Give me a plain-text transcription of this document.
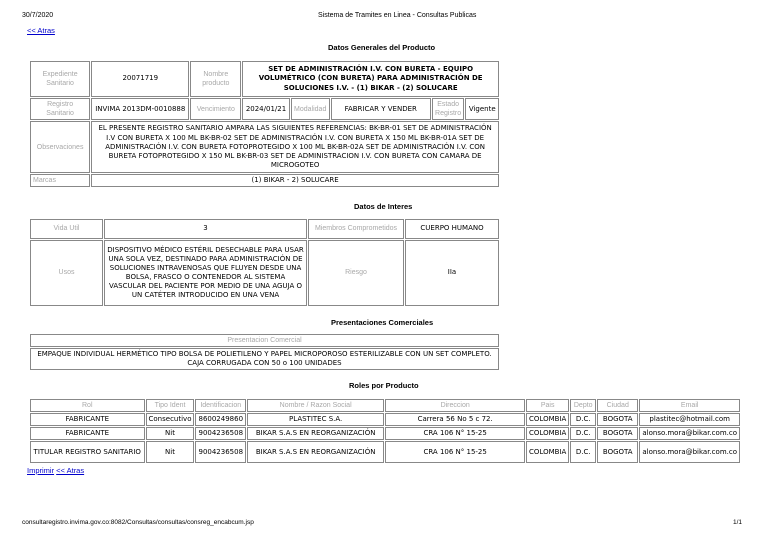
30/7/2020	Sistema de Tramites en Linea - Consultas Publicas
<< Atras
Datos Generales del Producto
Expediente Sanitario	20071719	Nombre producto	SET DE ADMINISTRACIÓN I.V. CON BURETA - EQUIPO VOLUMÉTRICO (CON BURETA) PARA ADMINISTRACIÓN DE SOLUCIONES I.V. - (1) BIKAR - (2) SOLUCARE				
Registro Sanitario	INVIMA 2013DM-0010888	Vencimiento	2024/01/21	Modalidad	FABRICAR Y VENDER	Estado Registro	Vigente
Observaciones	EL PRESENTE REGISTRO SANITARIO AMPARA LAS SIGUIENTES REFERENCIAS: BK-BR-01 SET DE ADMINISTRACIÓN I.V CON BURETA X 100 ML BK-BR-02 SET DE ADMINISTRACIÓN I.V. CON BURETA X 150 ML BK-BR-01A SET DE ADMINISTRACIÓN I.V. CON BURETA FOTOPROTEGIDO X 100 ML BK-BR-02A SET DE ADMINISTRACIÓN I.V. CON BURETA FOTOPROTEGIDO X 150 ML BK-BR-03 SET DE ADMINISTRACION I.V. CON BURETA CON CAMARA DE MICROGOTEO						
Marcas	(1) BIKAR - 2) SOLUCARE						
Datos de Interes
Vida Util	3	Miembros Comprometidos	CUERPO HUMANO
Usos	DISPOSITIVO MÉDICO ESTÉRIL DESECHABLE PARA USAR UNA SOLA VEZ, DESTINADO PARA ADMINISTRACIÓN DE SOLUCIONES INTRAVENOSAS QUE FLUYEN DESDE UNA BOLSA, FRASCO O CONTENEDOR AL SISTEMA VASCULAR DEL PACIENTE POR MEDIO DE UNA AGUJA O UN CATÉTER INTRODUCIDO EN UNA VENA	Riesgo	IIa
Presentaciones Comerciales
Presentacion Comercial
EMPAQUE INDIVIDUAL HERMÉTICO TIPO BOLSA DE POLIETILENO Y PAPEL MICROPOROSO ESTERILIZABLE CON UN SET COMPLETO. CAJA CORRUGADA CON 50 o 100 UNIDADES
Roles por Producto
Rol	Tipo Ident	Identificacion	Nombre / Razon Social	Direccion	Pais	Depto	Ciudad	Email
FABRICANTE	Consecutivo	8600249860	PLASTITEC S.A.	Carrera 56 No 5 c 72.	COLOMBIA	D.C.	BOGOTA	plastitec@hotmail.com
FABRICANTE	Nit	9004236508	BIKAR S.A.S EN REORGANIZACIÓN	CRA 106 N° 15-25	COLOMBIA	D.C.	BOGOTA	alonso.mora@bikar.com.co
TITULAR REGISTRO SANITARIO	Nit	9004236508	BIKAR S.A.S EN REORGANIZACIÓN	CRA 106 N° 15-25	COLOMBIA	D.C.	BOGOTA	alonso.mora@bikar.com.co
Imprimir << Atras
consultaregistro.invima.gov.co:8082/Consultas/consultas/consreg_encabcum.jsp	1/1
